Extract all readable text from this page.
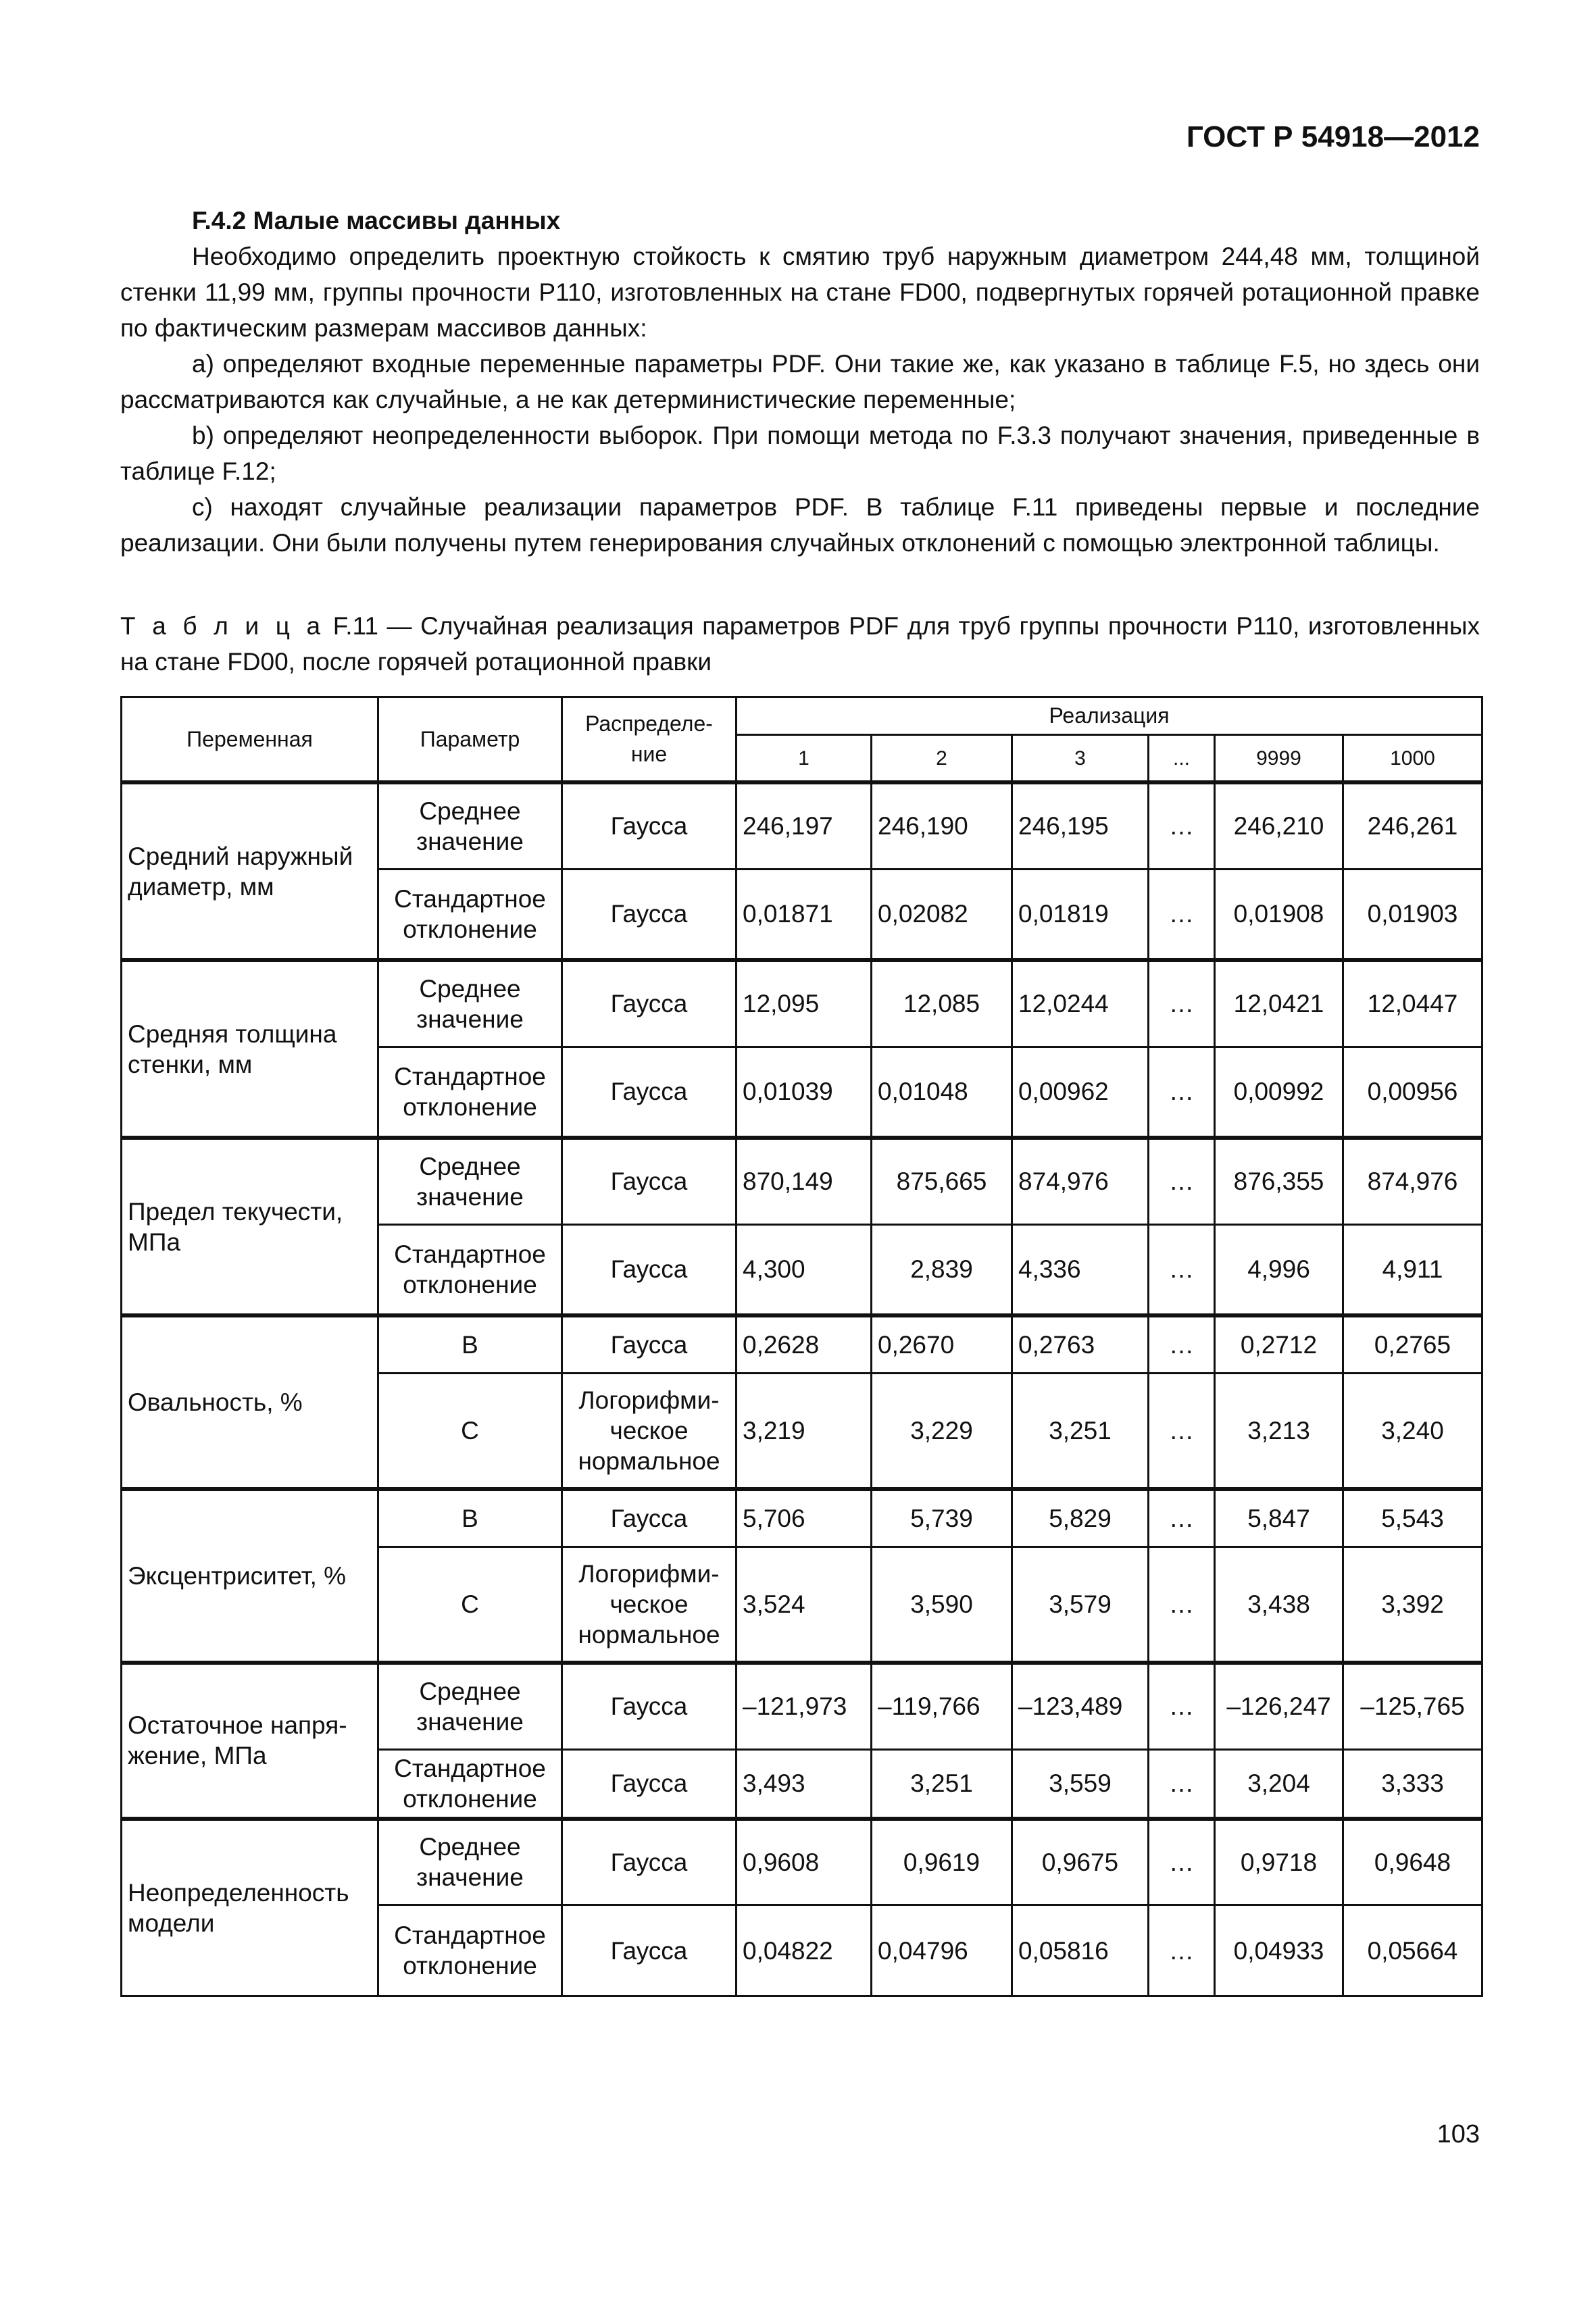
ГОСТ Р 54918—2012
F.4.2 Малые массивы данных

Необходимо определить проектную стойкость к смятию труб наружным диаметром 244,48 мм, толщиной стенки 11,99 мм, группы прочности Р110, изготовленных на стане FD00, подвергнутых горячей ротационной правке по фактическим размерам массивов данных:

а) определяют входные переменные параметры PDF. Они такие же, как указано в таблице F.5, но здесь они рассматриваются как случайные, а не как детерминистические переменные;

b) определяют неопределенности выборок. При помощи метода по F.3.3 получают значения, приведенные в таблице F.12;

с) находят случайные реализации параметров PDF. В таблице F.11 приведены первые и последние реализации. Они были получены путем генерирования случайных отклонений с помощью электронной таблицы.

Т а б л и ц а F.11 — Случайная реализация параметров PDF для труб группы прочности Р110, изготовленных на стане FD00, после горячей ротационной правки
Переменная	Параметр	Распределе-ние	Реализация					
			1	2	3	...	9999	1000
Средний наружный диаметр, мм	Среднее значение	Гаусса	246,197	246,190	246,195	…	246,210	246,261
	Стандартное отклонение	Гаусса	0,01871	0,02082	0,01819	…	0,01908	0,01903
Средняя толщина стенки, мм	Среднее значение	Гаусса	12,095	12,085	12,0244	…	12,0421	12,0447
	Стандартное отклонение	Гаусса	0,01039	0,01048	0,00962	…	0,00992	0,00956
Предел текучести, МПа	Среднее значение	Гаусса	870,149	875,665	874,976	…	876,355	874,976
	Стандартное отклонение	Гаусса	4,300	2,839	4,336	…	4,996	4,911
Овальность, %	В	Гаусса	0,2628	0,2670	0,2763	…	0,2712	0,2765
	С	Логорифми-ческое нормальное	3,219	3,229	3,251	…	3,213	3,240
Эксцентриситет, %	В	Гаусса	5,706	5,739	5,829	…	5,847	5,543
	С	Логорифми-ческое нормальное	3,524	3,590	3,579	…	3,438	3,392
Остаточное напря-жение, МПа	Среднее значение	Гаусса	–121,973	–119,766	–123,489	…	–126,247	–125,765
	Стандартное отклонение	Гаусса	3,493	3,251	3,559	…	3,204	3,333
Неопределенность модели	Среднее значение	Гаусса	0,9608	0,9619	0,9675	…	0,9718	0,9648
	Стандартное отклонение	Гаусса	0,04822	0,04796	0,05816	…	0,04933	0,05664
103
